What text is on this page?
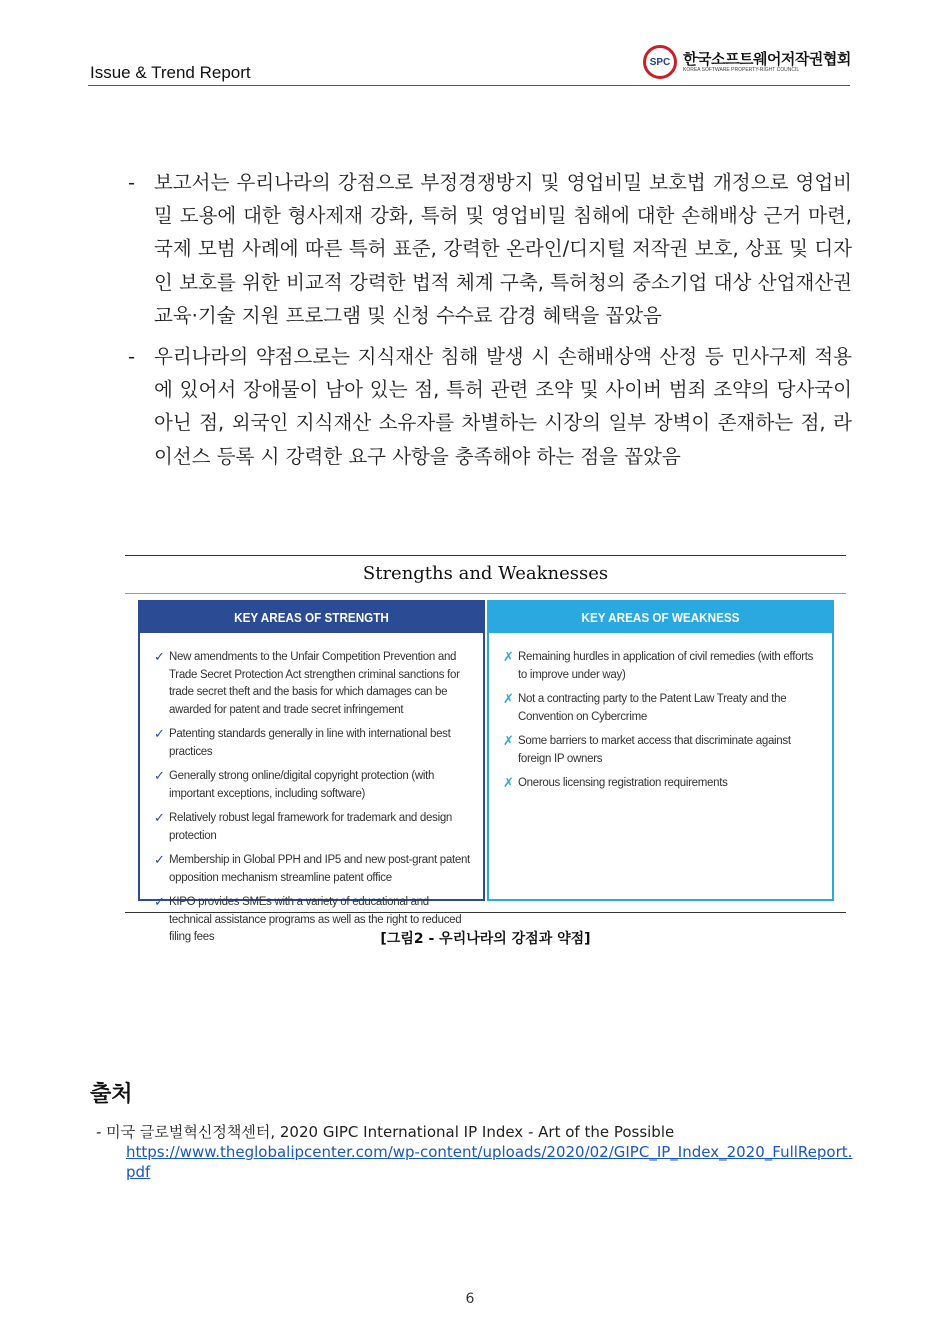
Issue & Trend Report
SPC 한국소프트웨어저작권협회
KOREA SOFTWARE PROPERTY-RIGHT COUNCIL
- 보고서는 우리나라의 강점으로 부정경쟁방지 및 영업비밀 보호법 개정으로 영업비밀 도용에 대한 형사제재 강화, 특허 및 영업비밀 침해에 대한 손해배상 근거 마련, 국제 모범 사례에 따른 특허 표준, 강력한 온라인/디지털 저작권 보호, 상표 및 디자인 보호를 위한 비교적 강력한 법적 체계 구축, 특허청의 중소기업 대상 산업재산권 교육·기술 지원 프로그램 및 신청 수수료 감경 혜택을 꼽았음
- 우리나라의 약점으로는 지식재산 침해 발생 시 손해배상액 산정 등 민사구제 적용에 있어서 장애물이 남아 있는 점, 특허 관련 조약 및 사이버 범죄 조약의 당사국이 아닌 점, 외국인 지식재산 소유자를 차별하는 시장의 일부 장벽이 존재하는 점, 라이선스 등록 시 강력한 요구 사항을 충족해야 하는 점을 꼽았음
Strengths and Weaknesses
KEY AREAS OF STRENGTH
✓ New amendments to the Unfair Competition Prevention and Trade Secret Protection Act strengthen criminal sanctions for trade secret theft and the basis for which damages can be awarded for patent and trade secret infringement
✓ Patenting standards generally in line with international best practices
✓ Generally strong online/digital copyright protection (with important exceptions, including software)
✓ Relatively robust legal framework for trademark and design protection
✓ Membership in Global PPH and IP5 and new post-grant patent opposition mechanism streamline patent office
✓ KIPO provides SMEs with a variety of educational and technical assistance programs as well as the right to reduced filing fees
KEY AREAS OF WEAKNESS
✗ Remaining hurdles in application of civil remedies (with efforts to improve under way)
✗ Not a contracting party to the Patent Law Treaty and the Convention on Cybercrime
✗ Some barriers to market access that discriminate against foreign IP owners
✗ Onerous licensing registration requirements
[그림2 - 우리나라의 강점과 약점]
출처
- 미국 글로벌혁신정책센터, 2020 GIPC International IP Index - Art of the Possible
https://www.theglobalipcenter.com/wp-content/uploads/2020/02/GIPC_IP_Index_2020_FullReport.pdf
6
